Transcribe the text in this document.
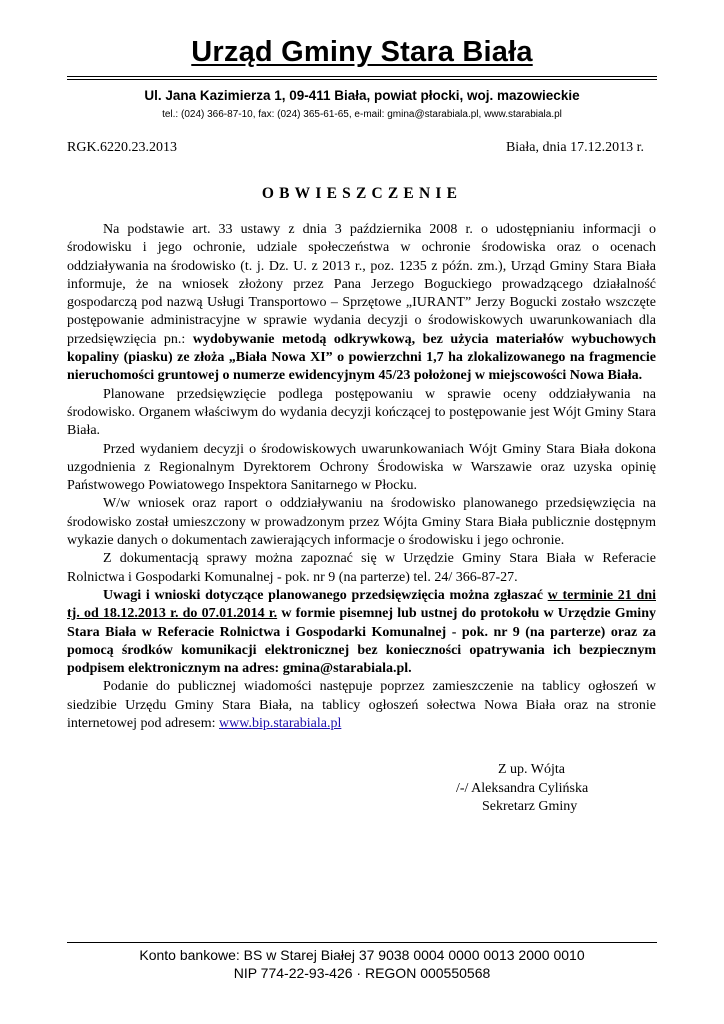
Urząd Gminy Stara Biała
Ul. Jana Kazimierza 1, 09-411 Biała, powiat płocki, woj. mazowieckie
tel.: (024) 366-87-10, fax: (024) 365-61-65, e-mail: gmina@starabiala.pl, www.starabiala.pl
RGK.6220.23.2013	Biała, dnia 17.12.2013 r.
OBWIESZCZENIE

Na podstawie art. 33 ustawy z dnia 3 października 2008 r. o udostępnianiu informacji o środowisku i jego ochronie, udziale społeczeństwa w ochronie środowiska oraz o ocenach oddziaływania na środowisko (t. j. Dz. U. z 2013 r., poz. 1235 z późn. zm.), Urząd Gminy Stara Biała informuje, że na wniosek złożony przez Pana Jerzego Boguckiego prowadzącego działalność gospodarczą pod nazwą Usługi Transportowo – Sprzętowe „IURANT” Jerzy Bogucki zostało wszczęte postępowanie administracyjne w sprawie wydania decyzji o środowiskowych uwarunkowaniach dla przedsięwzięcia pn.: wydobywanie metodą odkrywkową, bez użycia materiałów wybuchowych kopaliny (piasku) ze złoża „Biała Nowa XI” o powierzchni 1,7 ha zlokalizowanego na fragmencie nieruchomości gruntowej o numerze ewidencyjnym 45/23 położonej w miejscowości Nowa Biała.

Planowane przedsięwzięcie podlega postępowaniu w sprawie oceny oddziaływania na środowisko. Organem właściwym do wydania decyzji kończącej to postępowanie jest Wójt Gminy Stara Biała.

Przed wydaniem decyzji o środowiskowych uwarunkowaniach Wójt Gminy Stara Biała dokona uzgodnienia z Regionalnym Dyrektorem Ochrony Środowiska w Warszawie oraz uzyska opinię Państwowego Powiatowego Inspektora Sanitarnego w Płocku.

W/w wniosek oraz raport o oddziaływaniu na środowisko planowanego przedsięwzięcia na środowisko został umieszczony w prowadzonym przez Wójta Gminy Stara Biała publicznie dostępnym wykazie danych o dokumentach zawierających informacje o środowisku i jego ochronie.

Z dokumentacją sprawy można zapoznać się w Urzędzie Gminy Stara Biała w Referacie Rolnictwa i Gospodarki Komunalnej - pok. nr 9 (na parterze) tel. 24/ 366-87-27.

Uwagi i wnioski dotyczące planowanego przedsięwzięcia można zgłaszać w terminie 21 dni tj. od 18.12.2013 r. do 07.01.2014 r. w formie pisemnej lub ustnej do protokołu w Urzędzie Gminy Stara Biała w Referacie Rolnictwa i Gospodarki Komunalnej - pok. nr 9 (na parterze) oraz za pomocą środków komunikacji elektronicznej bez konieczności opatrywania ich bezpiecznym podpisem elektronicznym na adres: gmina@starabiala.pl.

Podanie do publicznej wiadomości następuje poprzez zamieszczenie na tablicy ogłoszeń w siedzibie Urzędu Gminy Stara Biała, na tablicy ogłoszeń sołectwa Nowa Biała oraz na stronie internetowej pod adresem: www.bip.starabiala.pl

Z up. Wójta
/-/ Aleksandra Cylińska
Sekretarz Gminy
Konto bankowe: BS w Starej Białej 37 9038 0004 0000 0013 2000 0010
NIP 774-22-93-426 · REGON 000550568
